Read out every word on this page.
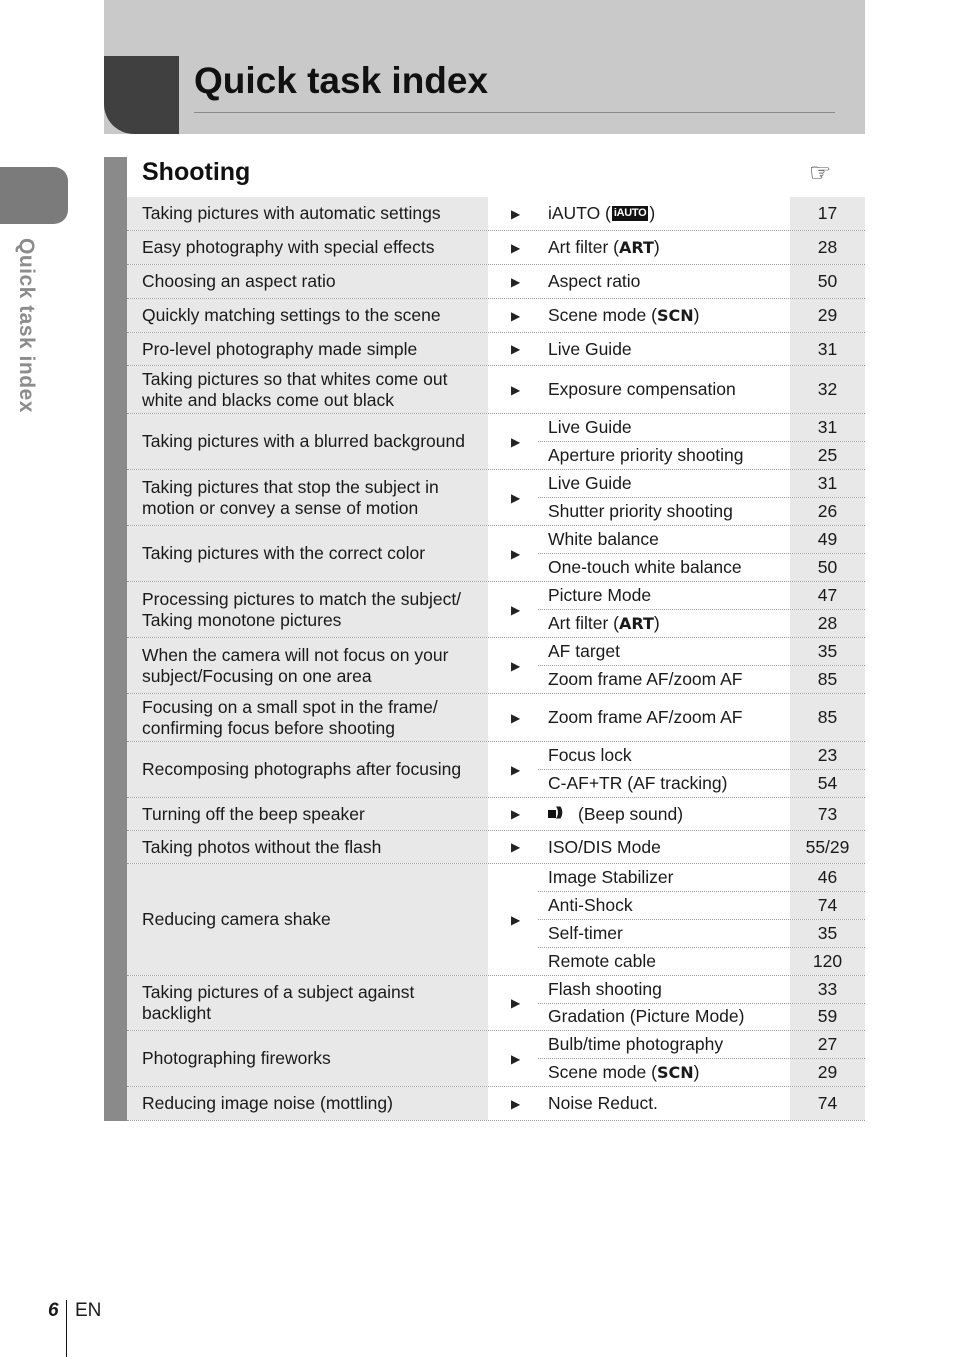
Quick task index
Quick task index
Shooting	☞
Taking pictures with automatic settings	▶ iAUTO ( iAUTO )	17
Easy photography with special effects	▶ Art filter ( ART )	28
Choosing an aspect ratio	▶ Aspect ratio	50
Quickly matching settings to the scene	▶ Scene mode ( SCN )	29
Pro-level photography made simple	▶ Live Guide	31
Taking pictures so that whites come out white and blacks come out black	▶ Exposure compensation	32
Taking pictures with a blurred background	▶
Live Guide	31
Aperture priority shooting	25
Taking pictures that stop the subject in motion or convey a sense of motion	▶
Live Guide	31
Shutter priority shooting	26
Taking pictures with the correct color	▶
White balance	49
One-touch white balance	50
Processing pictures to match the subject/ Taking monotone pictures	▶
Picture Mode	47
Art filter ( ART )	28
When the camera will not focus on your subject/Focusing on one area	▶
AF target	35
Zoom frame AF/zoom AF	85
Focusing on a small spot in the frame/ confirming focus before shooting	▶ Zoom frame AF/zoom AF	85
Recomposing photographs after focusing	▶
Focus lock	23
C-AF+TR (AF tracking)	54
Turning off the beep speaker	▶ )))	(Beep sound)	73
Taking photos without the flash	▶ ISO/DIS Mode	55/29
Reducing camera shake	▶
Image Stabilizer	46
Anti-Shock	74
Self-timer	35
Remote cable	120
Taking pictures of a subject against backlight	▶
Flash shooting	33
Gradation (Picture Mode)	59
Photographing fireworks	▶
Bulb/time photography	27
Scene mode ( SCN )	29
Reducing image noise (mottling)	▶ Noise Reduct.	74
6 EN
